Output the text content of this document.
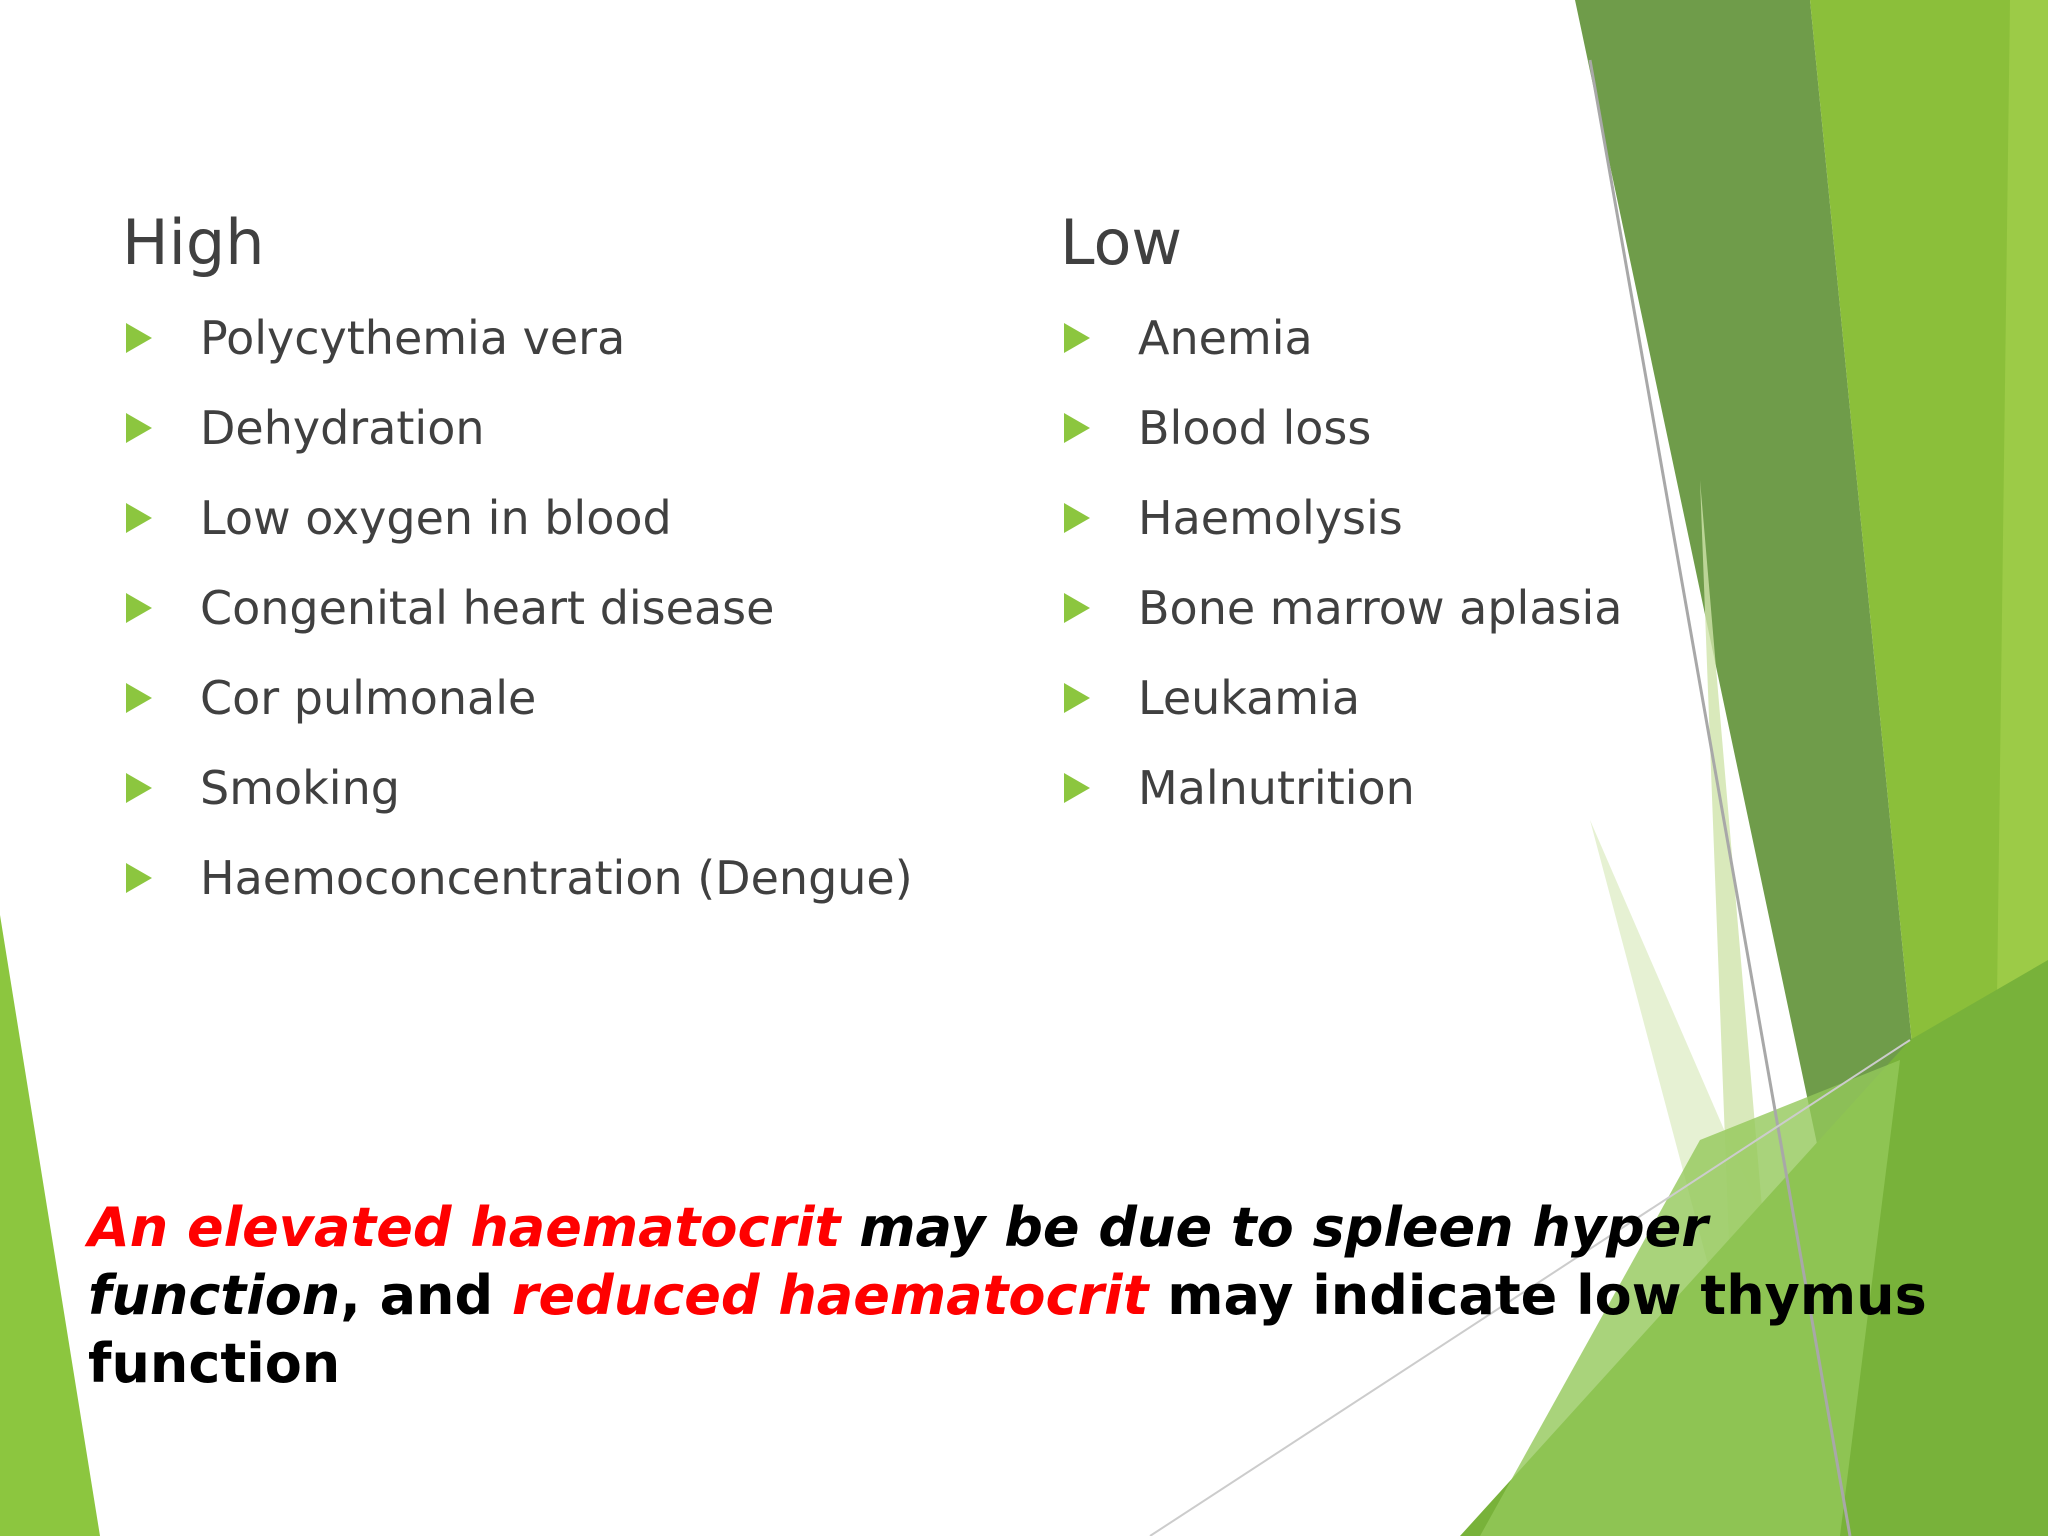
High
Polycythemia vera
Dehydration
Low oxygen in blood
Congenital heart disease
Cor pulmonale
Smoking
Haemoconcentration (Dengue)
Low
Anemia
Blood loss
Haemolysis
Bone marrow aplasia
Leukamia
Malnutrition

An elevated haematocrit may be due to spleen hyper function, and reduced haematocrit may indicate low thymus function
